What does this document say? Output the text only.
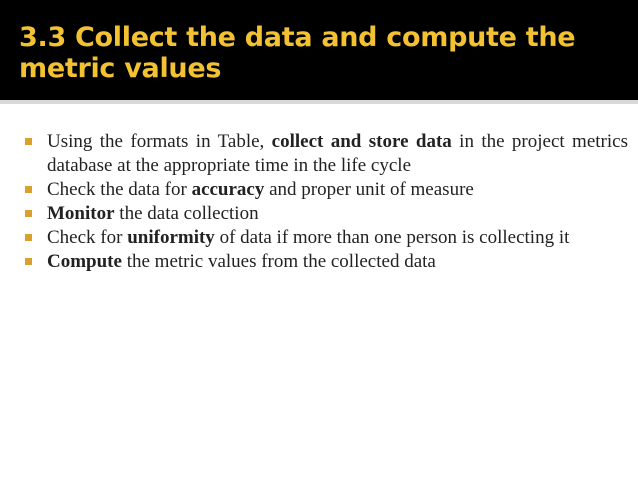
3.3 Collect the data and compute the metric values

Using the formats in Table, collect and store data in the project metrics database at the appropriate time in the life cycle

Check the data for accuracy and proper unit of measure

Monitor the data collection

Check for uniformity of data if more than one person is collecting it

Compute the metric values from the collected data
